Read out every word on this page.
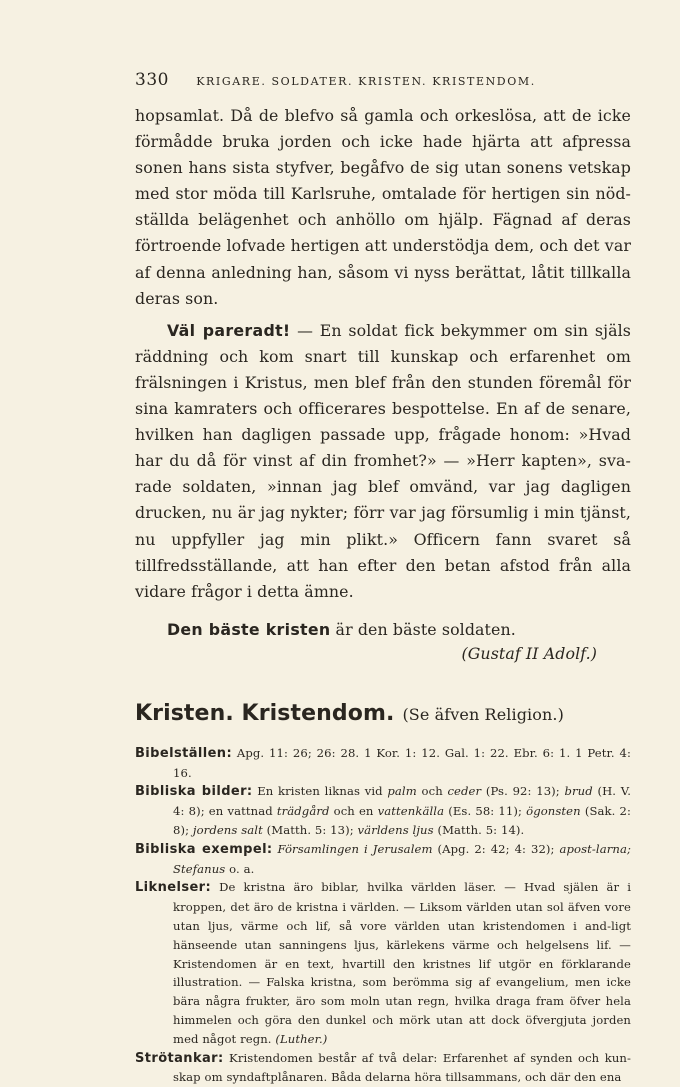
330 KRIGARE. SOLDATER. KRISTEN. KRISTENDOM.

hopsamlat. Då de blefvo så gamla och orkeslösa, att de icke förmådde bruka jorden och icke hade hjärta att afpressa sonen hans sista styfver, begåfvo de sig utan sonens vetskap med stor möda till Karlsruhe, omtalade för hertigen sin nöd-ställda belägenhet och anhöllo om hjälp. Fägnad af deras förtroende lofvade hertigen att understödja dem, och det var af denna anledning han, såsom vi nyss berättat, låtit tillkalla deras son.

Väl pareradt! — En soldat fick bekymmer om sin själs räddning och kom snart till kunskap och erfarenhet om frälsningen i Kristus, men blef från den stunden föremål för sina kamraters och officerares bespottelse. En af de senare, hvilken han dagligen passade upp, frågade honom: »Hvad har du då för vinst af din fromhet?» — »Herr kapten», sva-rade soldaten, »innan jag blef omvänd, var jag dagligen drucken, nu är jag nykter; förr var jag försumlig i min tjänst, nu uppfyller jag min plikt.» Officern fann svaret så tillfredsställande, att han efter den betan afstod från alla vidare frågor i detta ämne.

Den bäste kristen är den bäste soldaten.

(Gustaf II Adolf.)
Kristen. Kristendom. (Se äfven Religion.)
Bibelställen: Apg. 11: 26; 26: 28. 1 Kor. 1: 12. Gal. 1: 22. Ebr. 6: 1. 1 Petr. 4: 16.
Bibliska bilder: En kristen liknas vid palm och ceder (Ps. 92: 13); brud (H. V. 4: 8); en vattnad trädgård och en vattenkälla (Es. 58: 11); ögonsten (Sak. 2: 8); jordens salt (Matth. 5: 13); världens ljus (Matth. 5: 14).
Bibliska exempel: Församlingen i Jerusalem (Apg. 2: 42; 4: 32); apost-larna; Stefanus o. a.
Liknelser: De kristna äro biblar, hvilka världen läser. — Hvad själen är i kroppen, det äro de kristna i världen. — Liksom världen utan sol äfven vore utan ljus, värme och lif, så vore världen utan kristendomen i and-ligt hänseende utan sanningens ljus, kärlekens värme och helgelsens lif. — Kristendomen är en text, hvartill den kristnes lif utgör en förklarande illustration. — Falska kristna, som berömma sig af evangelium, men icke bära några frukter, äro som moln utan regn, hvilka draga fram öfver hela himmelen och göra den dunkel och mörk utan att dock öfvergjuta jorden med något regn. (Luther.)
Strötankar: Kristendomen består af två delar: Erfarenhet af synden och kun-skap om syndaftplånaren. Båda delarna höra tillsammans, och där den ena
